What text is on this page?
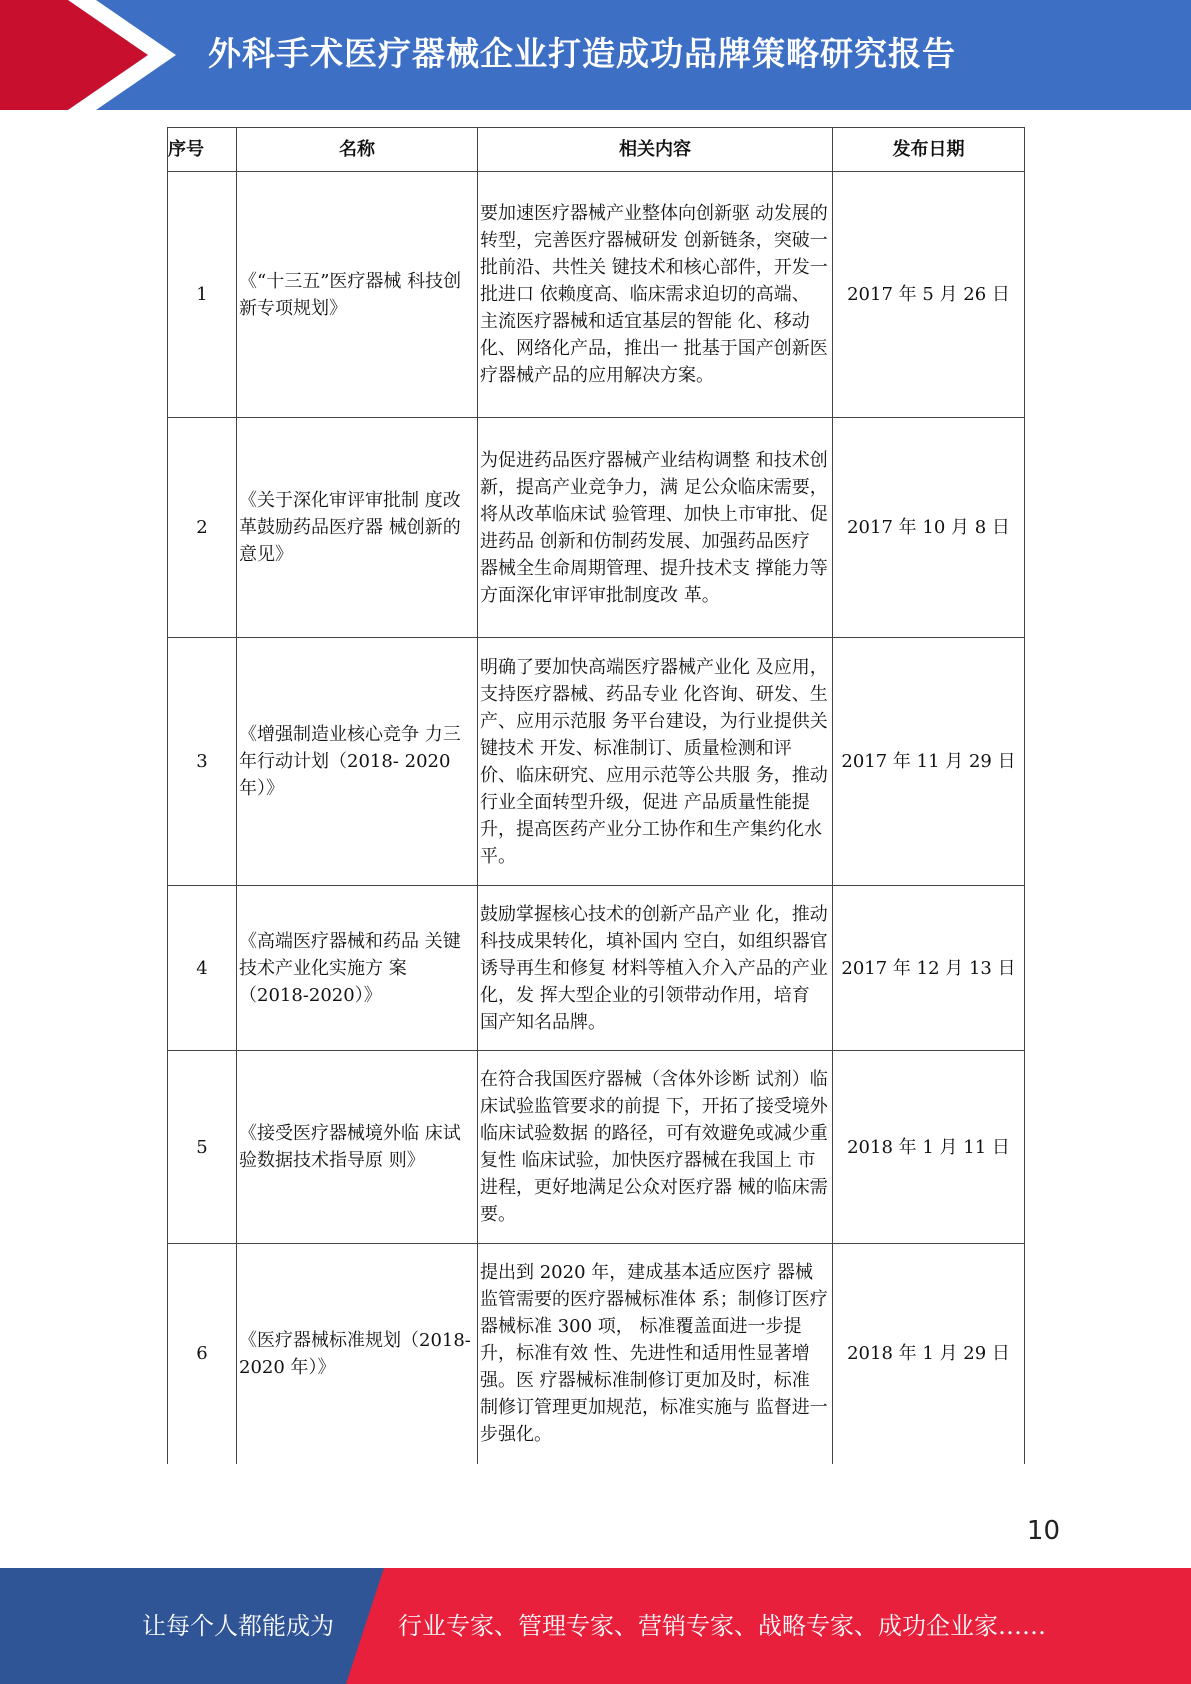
外科手术医疗器械企业打造成功品牌策略研究报告
序号	名称	相关内容	发布日期
1	《“十三五”医疗器械 科技创新专项规划》	要加速医疗器械产业整体向创新驱 动发展的转型，完善医疗器械研发 创新链条，突破一批前沿、共性关 键技术和核心部件，开发一批进口 依赖度高、临床需求迫切的高端、 主流医疗器械和适宜基层的智能 化、移动化、网络化产品，推出一 批基于国产创新医疗器械产品的应用解决方案。	2017 年 5 月 26 日
2	《关于深化审评审批制 度改革鼓励药品医疗器 械创新的意见》	为促进药品医疗器械产业结构调整 和技术创新，提高产业竞争力，满 足公众临床需要，将从改革临床试 验管理、加快上市审批、促进药品 创新和仿制药发展、加强药品医疗 器械全生命周期管理、提升技术支 撑能力等方面深化审评审批制度改 革。	2017 年 10 月 8 日
3	《增强制造业核心竞争 力三年行动计划（2018- 2020 年）》	明确了要加快高端医疗器械产业化 及应用，支持医疗器械、药品专业 化咨询、研发、生产、应用示范服 务平台建设，为行业提供关键技术 开发、标准制订、质量检测和评 价、临床研究、应用示范等公共服 务，推动行业全面转型升级，促进 产品质量性能提升，提高医药产业分工协作和生产集约化水平。	2017 年 11 月 29 日
4	《高端医疗器械和药品 关键技术产业化实施方 案（2018-2020）》	鼓励掌握核心技术的创新产品产业 化，推动科技成果转化，填补国内 空白，如组织器官诱导再生和修复 材料等植入介入产品的产业化，发 挥大型企业的引领带动作用，培育 国产知名品牌。	2017 年 12 月 13 日
5	《接受医疗器械境外临 床试验数据技术指导原 则》	在符合我国医疗器械（含体外诊断 试剂）临床试验监管要求的前提 下，开拓了接受境外临床试验数据 的路径，可有效避免或减少重复性 临床试验，加快医疗器械在我国上 市进程，更好地满足公众对医疗器 械的临床需要。	2018 年 1 月 11 日
6	《医疗器械标准规划（2018-2020 年）》	提出到 2020 年，建成基本适应医疗 器械监管需要的医疗器械标准体 系；制修订医疗器械标准 300 项， 标准覆盖面进一步提升，标准有效 性、先进性和适用性显著增强。医 疗器械标准制修订更加及时，标准 制修订管理更加规范，标准实施与 监督进一步强化。	2018 年 1 月 29 日
10
让每个人都能成为	行业专家、管理专家、营销专家、战略专家、成功企业家……
